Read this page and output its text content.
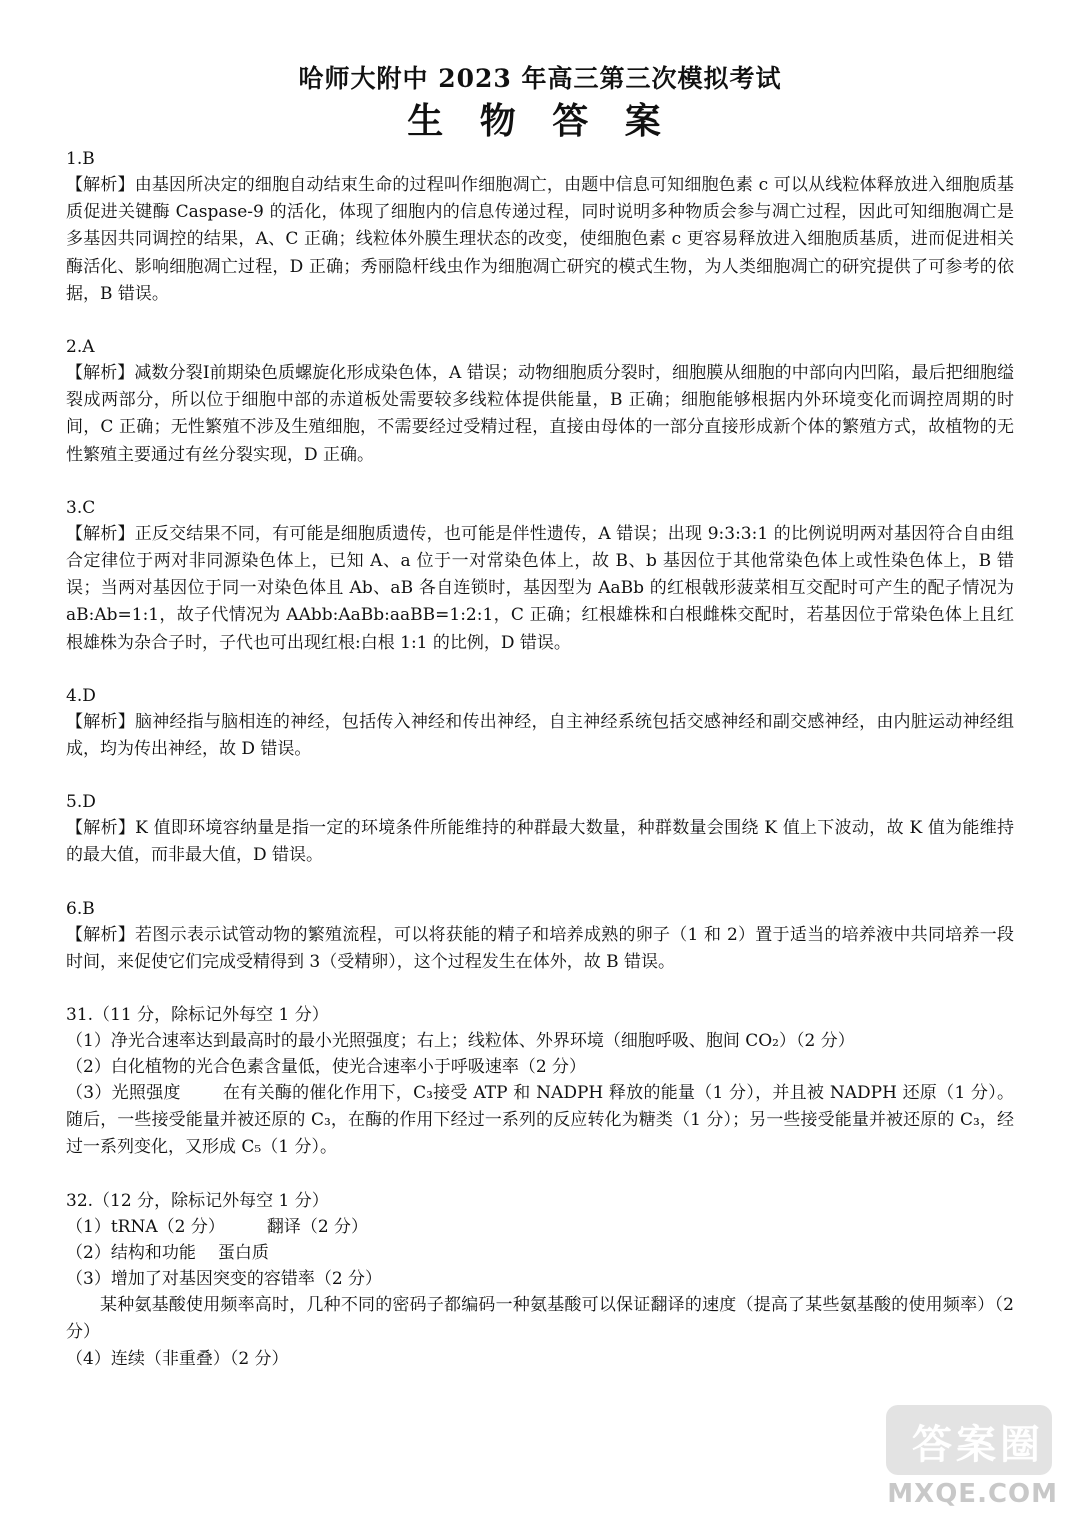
哈师大附中 2023 年高三第三次模拟考试
生 物 答 案

1.B

【解析】由基因所决定的细胞自动结束生命的过程叫作细胞凋亡，由题中信息可知细胞色素 c 可以从线粒体释放进入细胞质基质促进关键酶 Caspase-9 的活化，体现了细胞内的信息传递过程，同时说明多种物质会参与凋亡过程，因此可知细胞凋亡是多基因共同调控的结果，A、C 正确；线粒体外膜生理状态的改变，使细胞色素 c 更容易释放进入细胞质基质，进而促进相关酶活化、影响细胞凋亡过程，D 正确；秀丽隐杆线虫作为细胞凋亡研究的模式生物，为人类细胞凋亡的研究提供了可参考的依据，B 错误。

2.A

【解析】减数分裂Ⅰ前期染色质螺旋化形成染色体，A 错误；动物细胞质分裂时，细胞膜从细胞的中部向内凹陷，最后把细胞缢裂成两部分，所以位于细胞中部的赤道板处需要较多线粒体提供能量，B 正确；细胞能够根据内外环境变化而调控周期的时间，C 正确；无性繁殖不涉及生殖细胞，不需要经过受精过程，直接由母体的一部分直接形成新个体的繁殖方式，故植物的无性繁殖主要通过有丝分裂实现，D 正确。

3.C

【解析】正反交结果不同，有可能是细胞质遗传，也可能是伴性遗传，A 错误；出现 9:3:3:1 的比例说明两对基因符合自由组合定律位于两对非同源染色体上，已知 A、a 位于一对常染色体上，故 B、b 基因位于其他常染色体上或性染色体上，B 错误；当两对基因位于同一对染色体且 Ab、aB 各自连锁时，基因型为 AaBb 的红根戟形菠菜相互交配时可产生的配子情况为 aB:Ab=1:1，故子代情况为 AAbb:AaBb:aaBB=1:2:1，C 正确；红根雄株和白根雌株交配时，若基因位于常染色体上且红根雄株为杂合子时，子代也可出现红根:白根 1:1 的比例，D 错误。

4.D

【解析】脑神经指与脑相连的神经，包括传入神经和传出神经，自主神经系统包括交感神经和副交感神经，由内脏运动神经组成，均为传出神经，故 D 错误。

5.D

【解析】K 值即环境容纳量是指一定的环境条件所能维持的种群最大数量，种群数量会围绕 K 值上下波动，故 K 值为能维持的最大值，而非最大值，D 错误。

6.B

【解析】若图示表示试管动物的繁殖流程，可以将获能的精子和培养成熟的卵子（1 和 2）置于适当的培养液中共同培养一段时间，来促使它们完成受精得到 3（受精卵），这个过程发生在体外，故 B 错误。

31.（11 分，除标记外每空 1 分）

（1）净光合速率达到最高时的最小光照强度；右上；线粒体、外界环境（细胞呼吸、胞间 CO₂）（2 分）

（2）白化植物的光合色素含量低，使光合速率小于呼吸速率（2 分）

（3）光照强度 在有关酶的催化作用下，C₃接受 ATP 和 NADPH 释放的能量（1 分），并且被 NADPH 还原（1 分）。随后，一些接受能量并被还原的 C₃，在酶的作用下经过一系列的反应转化为糖类（1 分）；另一些接受能量并被还原的 C₃，经过一系列变化，又形成 C₅（1 分）。

32.（12 分，除标记外每空 1 分）

（1）tRNA（2 分） 翻译（2 分）

（2）结构和功能 蛋白质

（3）增加了对基因突变的容错率（2 分）

某种氨基酸使用频率高时，几种不同的密码子都编码一种氨基酸可以保证翻译的速度（提高了某些氨基酸的使用频率）（2 分）

（4）连续（非重叠）（2 分）

答案圈
MXQE.COM
